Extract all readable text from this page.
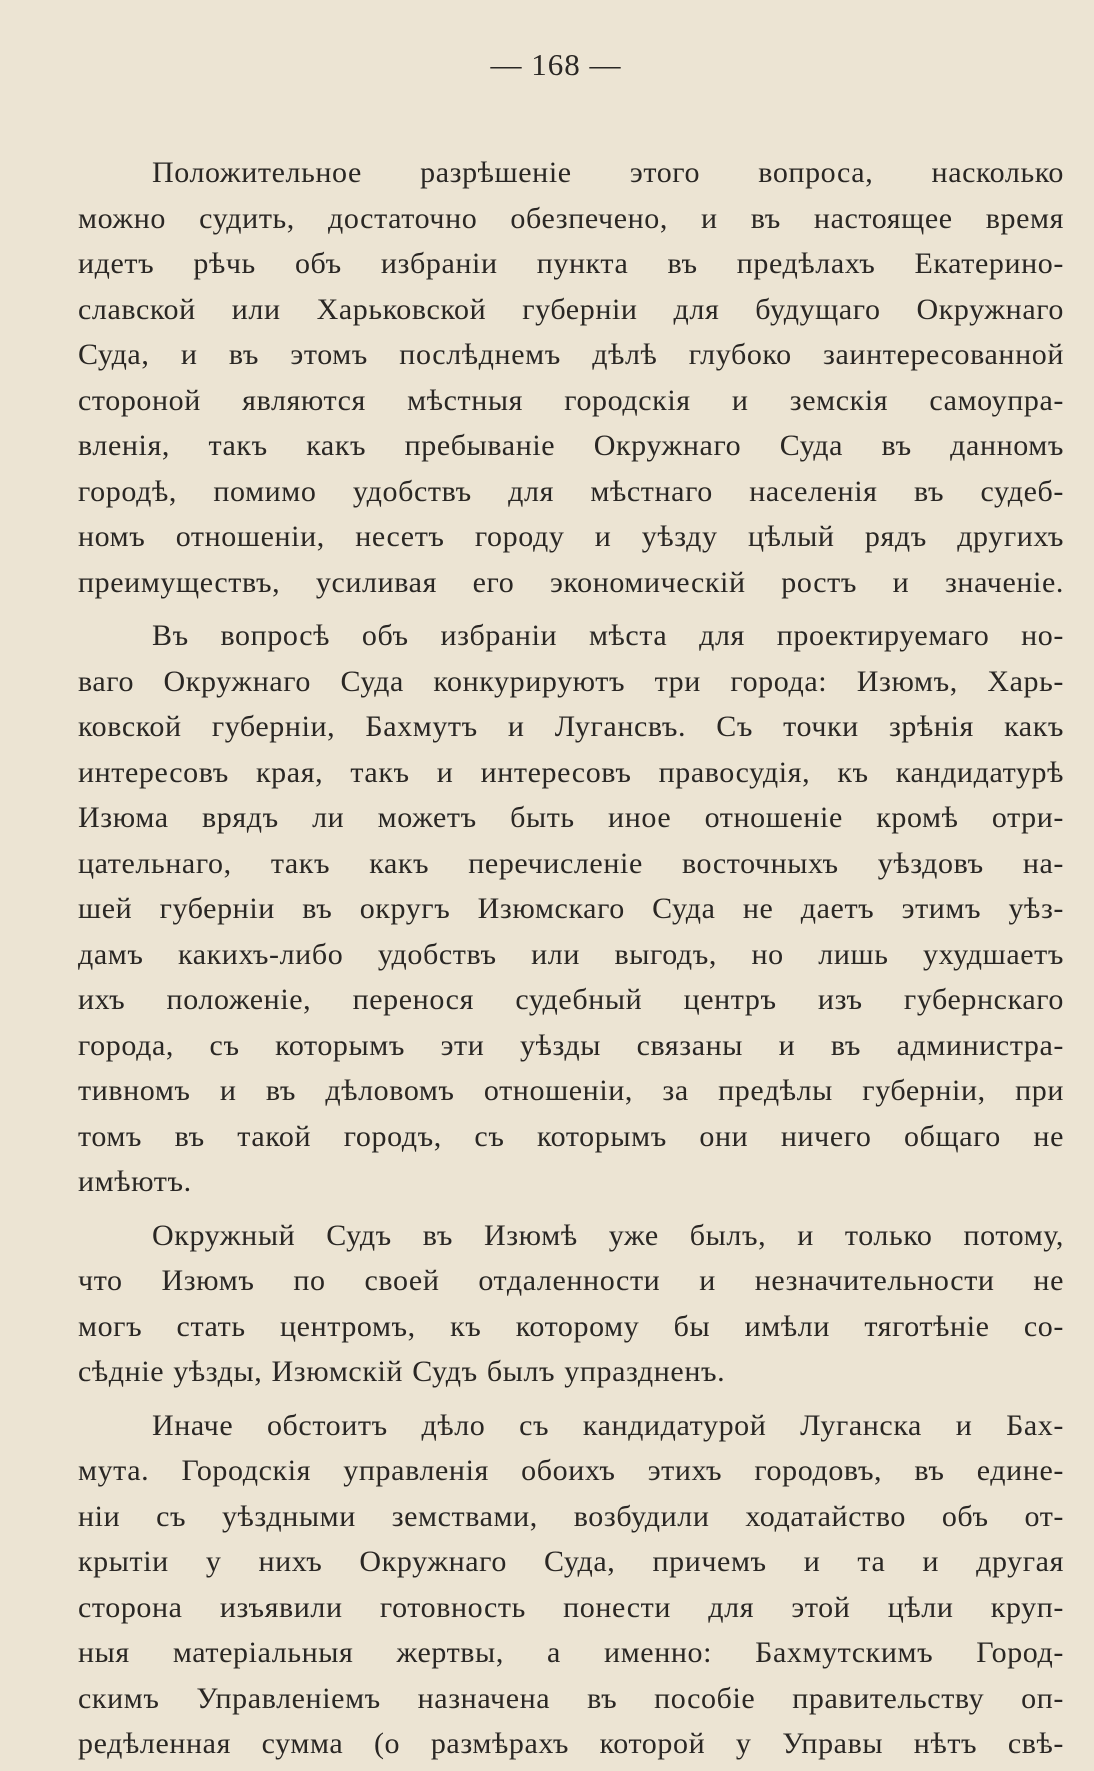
— 168 —
Положительное разрѣшеніе этого вопроса, насколько
можно судить, достаточно обезпечено, и въ настоящее время
идетъ рѣчь объ избраніи пункта въ предѣлахъ Екатерино-
славской или Харьковской губерніи для будущаго Окружнаго
Суда, и въ этомъ послѣднемъ дѣлѣ глубоко заинтересованной
стороной являются мѣстныя городскія и земскія самоупра-
вленія, такъ какъ пребываніе Окружнаго Суда въ данномъ
городѣ, помимо удобствъ для мѣстнаго населенія въ судеб-
номъ отношеніи, несетъ городу и уѣзду цѣлый рядъ другихъ
преимуществъ, усиливая его экономическій ростъ и значеніе.
Въ вопросѣ объ избраніи мѣста для проектируемаго но-
ваго Окружнаго Суда конкурируютъ три города: Изюмъ, Харь-
ковской губерніи, Бахмутъ и Лугансвъ. Съ точки зрѣнія какъ
интересовъ края, такъ и интересовъ правосудія, къ кандидатурѣ
Изюма врядъ ли можетъ быть иное отношеніе кромѣ отри-
цательнаго, такъ какъ перечисленіе восточныхъ уѣздовъ на-
шей губерніи въ округъ Изюмскаго Суда не даетъ этимъ уѣз-
дамъ какихъ-либо удобствъ или выгодъ, но лишь ухудшаетъ
ихъ положеніе, перенося судебный центръ изъ губернскаго
города, съ которымъ эти уѣзды связаны и въ администра-
тивномъ и въ дѣловомъ отношеніи, за предѣлы губерніи, при
томъ въ такой городъ, съ которымъ они ничего общаго не
имѣютъ.
Окружный Судъ въ Изюмѣ уже былъ, и только потому,
что Изюмъ по своей отдаленности и незначительности не
могъ стать центромъ, къ которому бы имѣли тяготѣніе со-
сѣдніе уѣзды, Изюмскій Судъ былъ упраздненъ.
Иначе обстоитъ дѣло съ кандидатурой Луганска и Бах-
мута. Городскія управленія обоихъ этихъ городовъ, въ едине-
ніи съ уѣздными земствами, возбудили ходатайство объ от-
крытіи у нихъ Окружнаго Суда, причемъ и та и другая
сторона изъявили готовность понести для этой цѣли круп-
ныя матеріальныя жертвы, а именно: Бахмутскимъ Город-
скимъ Управленіемъ назначена въ пособіе правительству оп-
редѣленная сумма (о размѣрахъ которой у Управы нѣтъ свѣ-
